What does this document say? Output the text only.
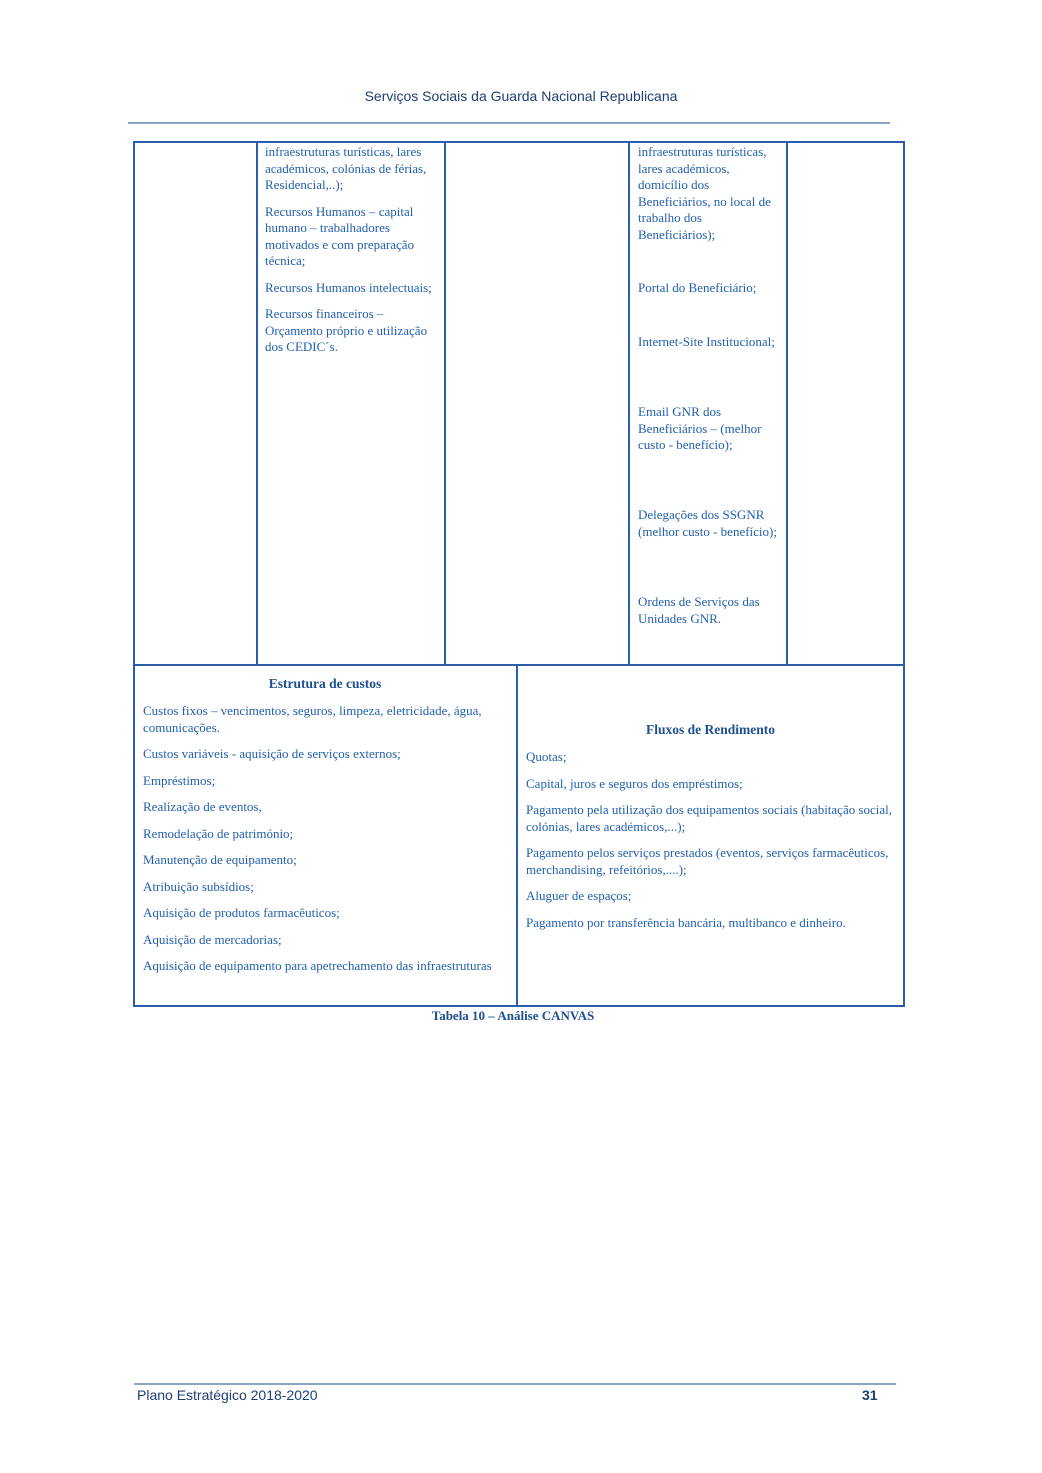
Serviços Sociais da Guarda Nacional Republicana

infraestruturas turísticas, lares académicos, colónias de férias, Residencial,..);

Recursos Humanos – capital humano – trabalhadores motivados e com preparação técnica;

Recursos Humanos intelectuais;

Recursos financeiros – Orçamento próprio e utilização dos CEDIC´s.

infraestruturas turísticas, lares académicos, domicílio dos Beneficiários, no local de trabalho dos Beneficiários);
Portal do Beneficiário;
Internet-Site Institucional;
Email GNR dos Beneficiários – (melhor custo - benefício);
Delegações dos SSGNR (melhor custo - benefício);
Ordens de Serviços das Unidades GNR.
Estrutura de custos

Custos fixos – vencimentos, seguros, limpeza, eletricidade, água, comunicações.

Custos variáveis - aquisição de serviços externos;

Empréstimos;

Realização de eventos,

Remodelação de património;

Manutenção de equipamento;

Atribuição subsídios;

Aquisição de produtos farmacêuticos;

Aquisição de mercadorias;

Aquisição de equipamento para apetrechamento das infraestruturas

Fluxos de Rendimento

Quotas;

Capital, juros e seguros dos empréstimos;

Pagamento pela utilização dos equipamentos sociais (habitação social, colónias, lares académicos,...);

Pagamento pelos serviços prestados (eventos, serviços farmacêuticos, merchandising, refeitórios,....);

Aluguer de espaços;

Pagamento por transferência bancária, multibanco e dinheiro.

Tabela 10 – Análise CANVAS
Plano Estratégico 2018-2020	31
